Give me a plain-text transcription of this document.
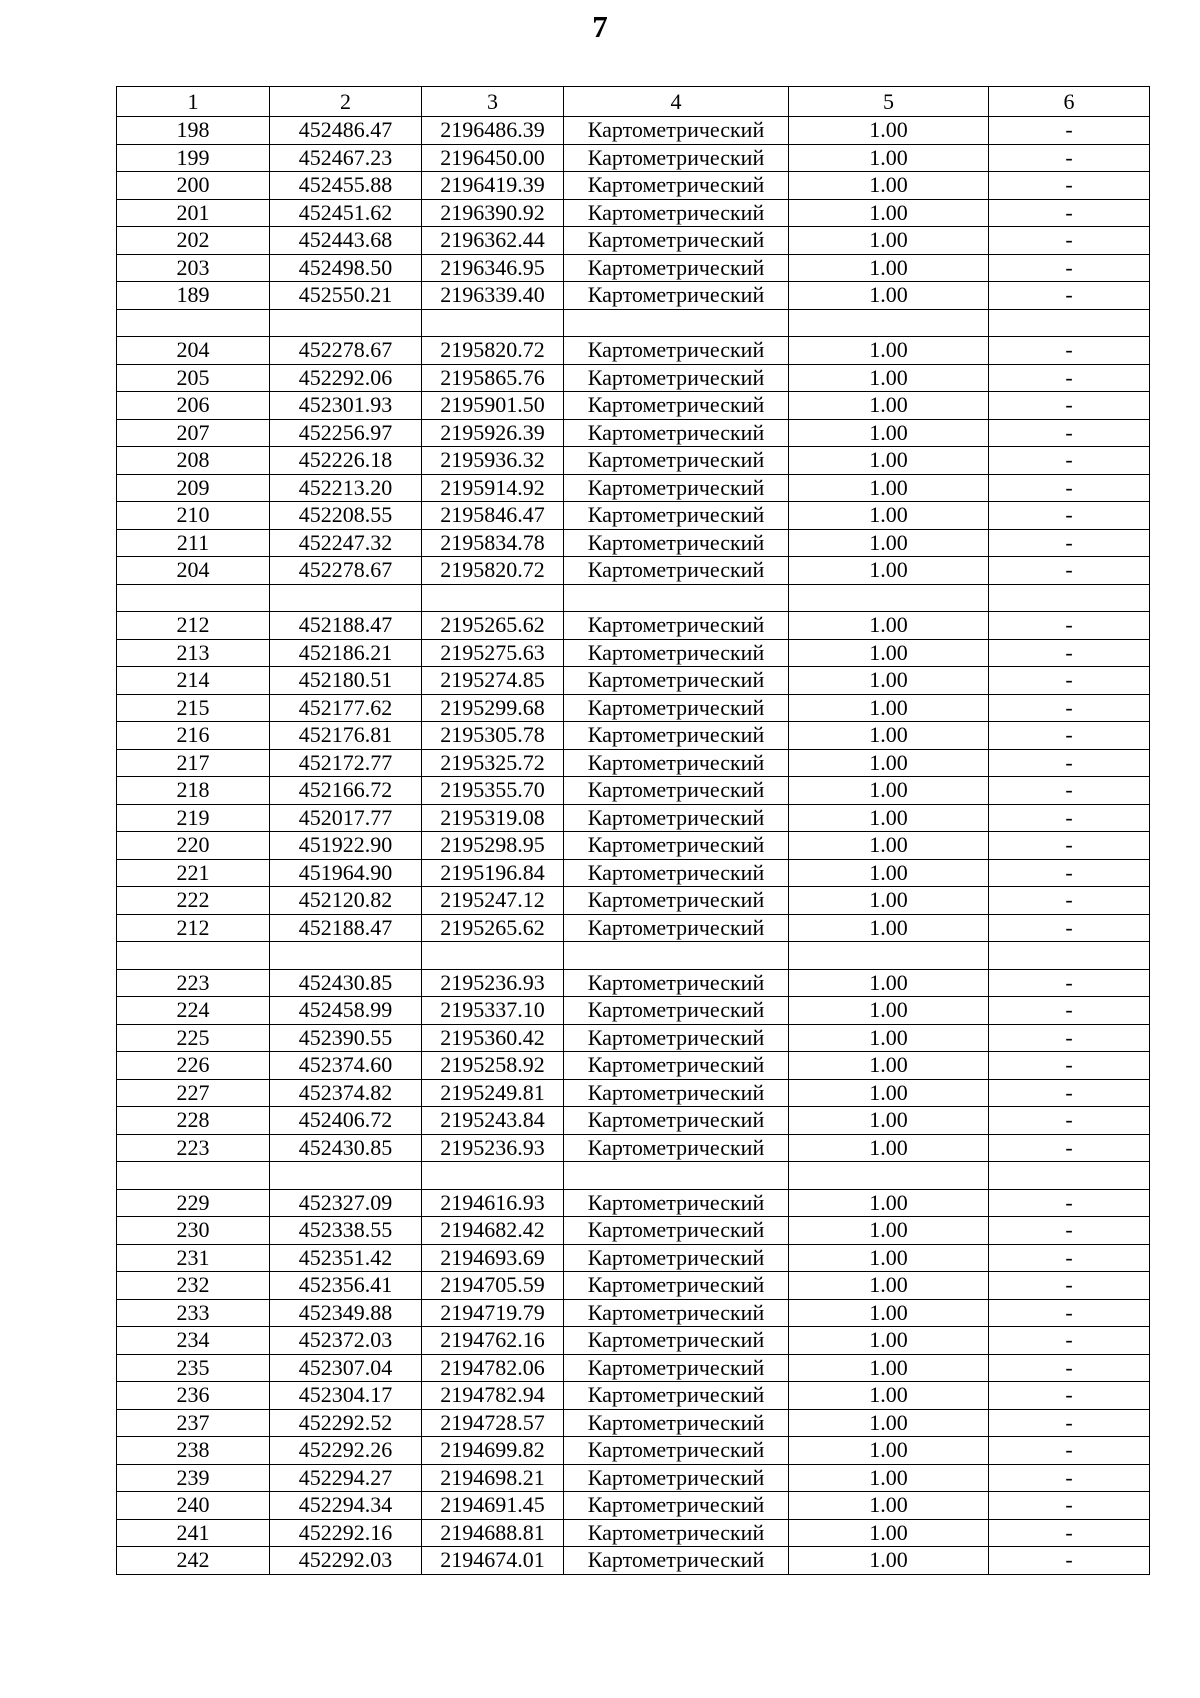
7
1	2	3	4	5	6
198	452486.47	2196486.39	Картометрический	1.00	-
199	452467.23	2196450.00	Картометрический	1.00	-
200	452455.88	2196419.39	Картометрический	1.00	-
201	452451.62	2196390.92	Картометрический	1.00	-
202	452443.68	2196362.44	Картометрический	1.00	-
203	452498.50	2196346.95	Картометрический	1.00	-
189	452550.21	2196339.40	Картометрический	1.00	-

204	452278.67	2195820.72	Картометрический	1.00	-
205	452292.06	2195865.76	Картометрический	1.00	-
206	452301.93	2195901.50	Картометрический	1.00	-
207	452256.97	2195926.39	Картометрический	1.00	-
208	452226.18	2195936.32	Картометрический	1.00	-
209	452213.20	2195914.92	Картометрический	1.00	-
210	452208.55	2195846.47	Картометрический	1.00	-
211	452247.32	2195834.78	Картометрический	1.00	-
204	452278.67	2195820.72	Картометрический	1.00	-

212	452188.47	2195265.62	Картометрический	1.00	-
213	452186.21	2195275.63	Картометрический	1.00	-
214	452180.51	2195274.85	Картометрический	1.00	-
215	452177.62	2195299.68	Картометрический	1.00	-
216	452176.81	2195305.78	Картометрический	1.00	-
217	452172.77	2195325.72	Картометрический	1.00	-
218	452166.72	2195355.70	Картометрический	1.00	-
219	452017.77	2195319.08	Картометрический	1.00	-
220	451922.90	2195298.95	Картометрический	1.00	-
221	451964.90	2195196.84	Картометрический	1.00	-
222	452120.82	2195247.12	Картометрический	1.00	-
212	452188.47	2195265.62	Картометрический	1.00	-

223	452430.85	2195236.93	Картометрический	1.00	-
224	452458.99	2195337.10	Картометрический	1.00	-
225	452390.55	2195360.42	Картометрический	1.00	-
226	452374.60	2195258.92	Картометрический	1.00	-
227	452374.82	2195249.81	Картометрический	1.00	-
228	452406.72	2195243.84	Картометрический	1.00	-
223	452430.85	2195236.93	Картометрический	1.00	-

229	452327.09	2194616.93	Картометрический	1.00	-
230	452338.55	2194682.42	Картометрический	1.00	-
231	452351.42	2194693.69	Картометрический	1.00	-
232	452356.41	2194705.59	Картометрический	1.00	-
233	452349.88	2194719.79	Картометрический	1.00	-
234	452372.03	2194762.16	Картометрический	1.00	-
235	452307.04	2194782.06	Картометрический	1.00	-
236	452304.17	2194782.94	Картометрический	1.00	-
237	452292.52	2194728.57	Картометрический	1.00	-
238	452292.26	2194699.82	Картометрический	1.00	-
239	452294.27	2194698.21	Картометрический	1.00	-
240	452294.34	2194691.45	Картометрический	1.00	-
241	452292.16	2194688.81	Картометрический	1.00	-
242	452292.03	2194674.01	Картометрический	1.00	-
